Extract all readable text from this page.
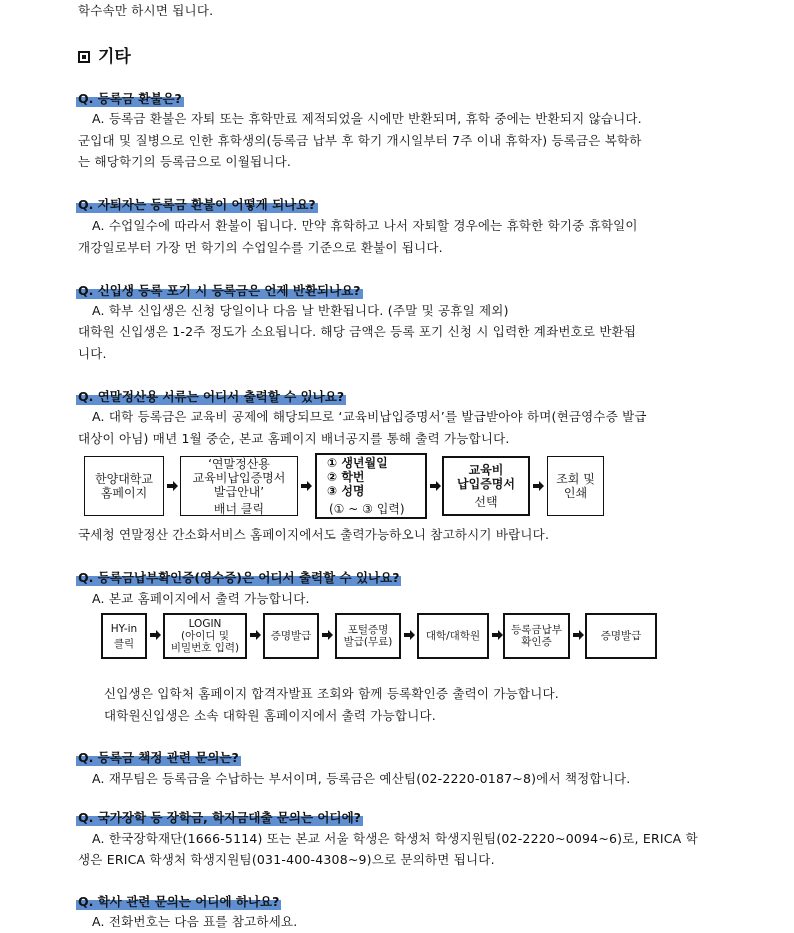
학수속만 하시면 됩니다.
기타
Q. 등록금 환불은?
A. 등록금 환불은 자퇴 또는 휴학만료 제적되었을 시에만 반환되며, 휴학 중에는 반환되지 않습니다.
군입대 및 질병으로 인한 휴학생의(등록금 납부 후 학기 개시일부터 7주 이내 휴학자) 등록금은 복학하
는 해당학기의 등록금으로 이월됩니다.
Q. 자퇴자는 등록금 환불이 어떻게 되나요?
A. 수업일수에 따라서 환불이 됩니다. 만약 휴학하고 나서 자퇴할 경우에는 휴학한 학기중 휴학일이
개강일로부터 가장 먼 학기의 수업일수를 기준으로 환불이 됩니다.
Q. 신입생 등록 포기 시 등록금은 언제 반환되나요?
A. 학부 신입생은 신청 당일이나 다음 날 반환됩니다. (주말 및 공휴일 제외)
대학원 신입생은 1-2주 정도가 소요됩니다. 해당 금액은 등록 포기 신청 시 입력한 계좌번호로 반환됩
니다.
Q. 연말정산용 서류는 어디서 출력할 수 있나요?
A. 대학 등록금은 교육비 공제에 해당되므로 ‘교육비납입증명서’를 발급받아야 하며(현금영수증 발급
대상이 아님) 매년 1월 중순, 본교 홈페이지 배너공지를 통해 출력 가능합니다.
한양대학교
홈페이지
‘연말정산용
교육비납입증명서
발급안내’
배너 클릭
① 생년월일
② 학번
③ 성명
(① ~ ③ 입력)
교육비
납입증명서
선택
조회 및
인쇄
국세청 연말정산 간소화서비스 홈페이지에서도 출력가능하오니 참고하시기 바랍니다.
Q. 등록금납부확인증(영수증)은 어디서 출력할 수 있나요?
A. 본교 홈페이지에서 출력 가능합니다.
HY-in
클릭
LOGIN
(아이디 및
비밀번호 입력)
증명발급	포털증명
발급(무료)	대학/대학원	등록금납부
확인증	증명발급
신입생은 입학처 홈페이지 합격자발표 조회와 함께 등록확인증 출력이 가능합니다.
대학원신입생은 소속 대학원 홈페이지에서 출력 가능합니다.
Q. 등록금 책정 관련 문의는?
A. 재무팀은 등록금을 수납하는 부서이며, 등록금은 예산팀(02-2220-0187~8)에서 책정합니다.
Q. 국가장학 등 장학금, 학자금대출 문의는 어디에?
A. 한국장학재단(1666-5114) 또는 본교 서울 학생은 학생처 학생지원팀(02-2220~0094~6)로, ERICA 학
생은 ERICA 학생처 학생지원팀(031-400-4308~9)으로 문의하면 됩니다.
Q. 학사 관련 문의는 어디에 하나요?
A. 전화번호는 다음 표를 참고하세요.
